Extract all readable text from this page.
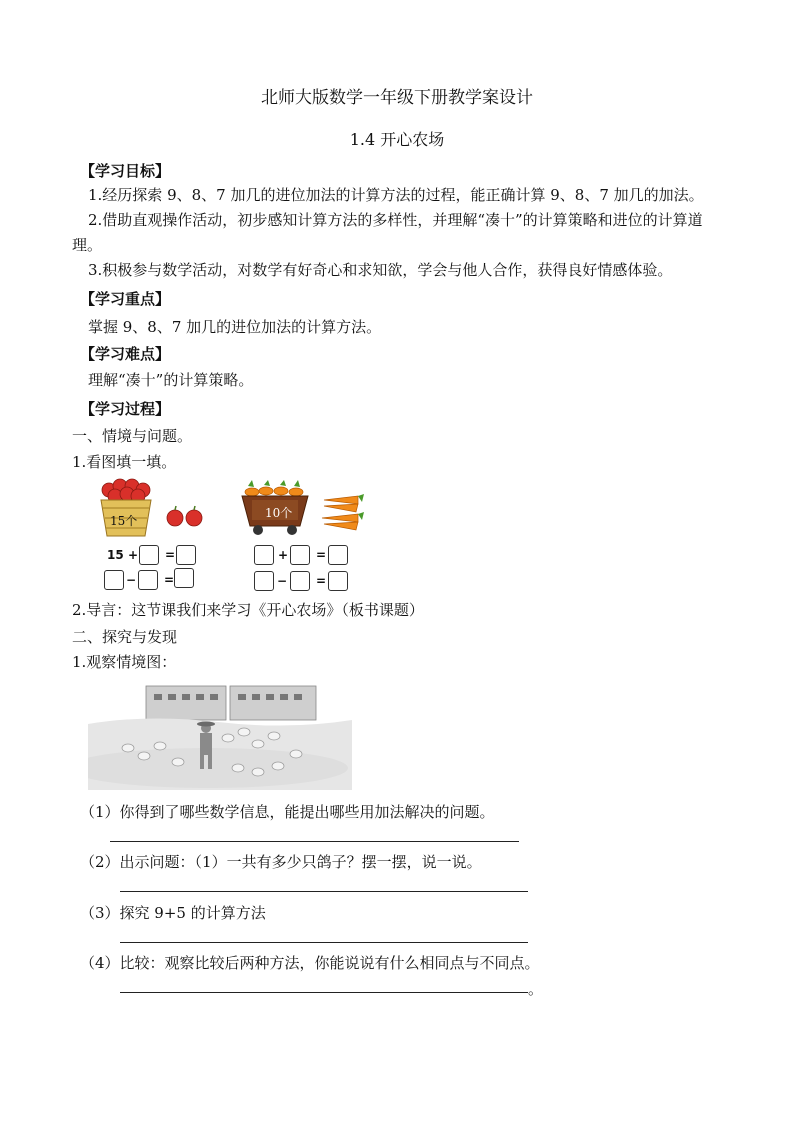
北师大版数学一年级下册教学案设计
1.4 开心农场
【学习目标】
1.经历探索 9、8、7 加几的进位加法的计算方法的过程，能正确计算 9、8、7 加几的加法。
2.借助直观操作活动，初步感知计算方法的多样性，并理解“凑十”的计算策略和进位的计算道理。
3.积极参与数学活动，对数学有好奇心和求知欲，学会与他人合作，获得良好情感体验。
【学习重点】
掌握 9、8、7 加几的进位加法的计算方法。
【学习难点】
理解“凑十”的计算策略。
【学习过程】
一、情境与问题。
1.看图填一填。
15个
10个
15 + =
− =
+ =
− =
2.导言：这节课我们来学习《开心农场》（板书课题）
二、探究与发现
1.观察情境图：
（1）你得到了哪些数学信息，能提出哪些用加法解决的问题。
（2）出示问题：（1）一共有多少只鸽子？摆一摆，说一说。
（3）探究 9+5 的计算方法
（4）比较：观察比较后两种方法，你能说说有什么相同点与不同点。
。
